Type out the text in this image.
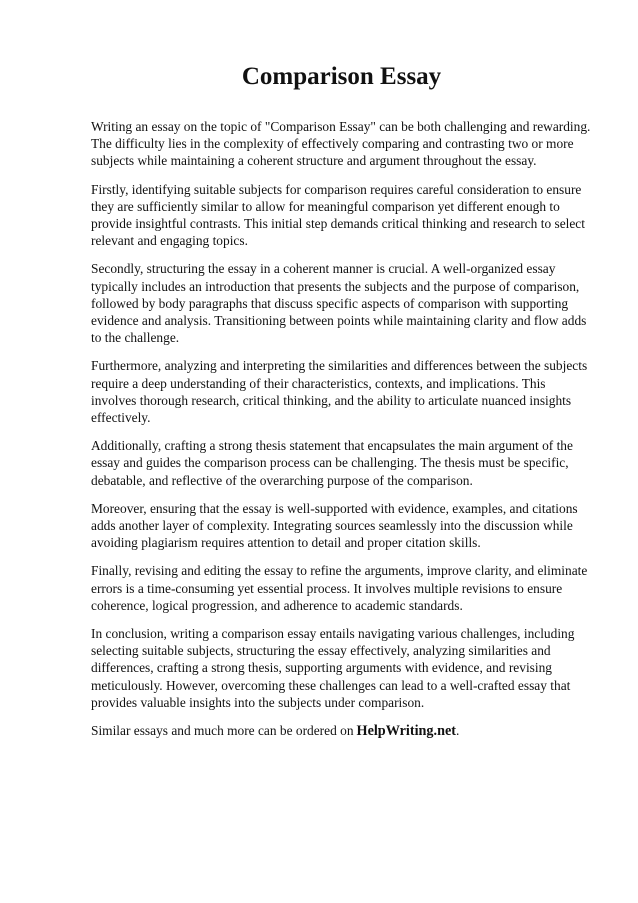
Comparison Essay

Writing an essay on the topic of "Comparison Essay" can be both challenging and rewarding. The difficulty lies in the complexity of effectively comparing and contrasting two or more subjects while maintaining a coherent structure and argument throughout the essay.

Firstly, identifying suitable subjects for comparison requires careful consideration to ensure they are sufficiently similar to allow for meaningful comparison yet different enough to provide insightful contrasts. This initial step demands critical thinking and research to select relevant and engaging topics.

Secondly, structuring the essay in a coherent manner is crucial. A well-organized essay typically includes an introduction that presents the subjects and the purpose of comparison, followed by body paragraphs that discuss specific aspects of comparison with supporting evidence and analysis. Transitioning between points while maintaining clarity and flow adds to the challenge.

Furthermore, analyzing and interpreting the similarities and differences between the subjects require a deep understanding of their characteristics, contexts, and implications. This involves thorough research, critical thinking, and the ability to articulate nuanced insights effectively.

Additionally, crafting a strong thesis statement that encapsulates the main argument of the essay and guides the comparison process can be challenging. The thesis must be specific, debatable, and reflective of the overarching purpose of the comparison.

Moreover, ensuring that the essay is well-supported with evidence, examples, and citations adds another layer of complexity. Integrating sources seamlessly into the discussion while avoiding plagiarism requires attention to detail and proper citation skills.

Finally, revising and editing the essay to refine the arguments, improve clarity, and eliminate errors is a time-consuming yet essential process. It involves multiple revisions to ensure coherence, logical progression, and adherence to academic standards.

In conclusion, writing a comparison essay entails navigating various challenges, including selecting suitable subjects, structuring the essay effectively, analyzing similarities and differences, crafting a strong thesis, supporting arguments with evidence, and revising meticulously. However, overcoming these challenges can lead to a well-crafted essay that provides valuable insights into the subjects under comparison.

Similar essays and much more can be ordered on HelpWriting.net.
